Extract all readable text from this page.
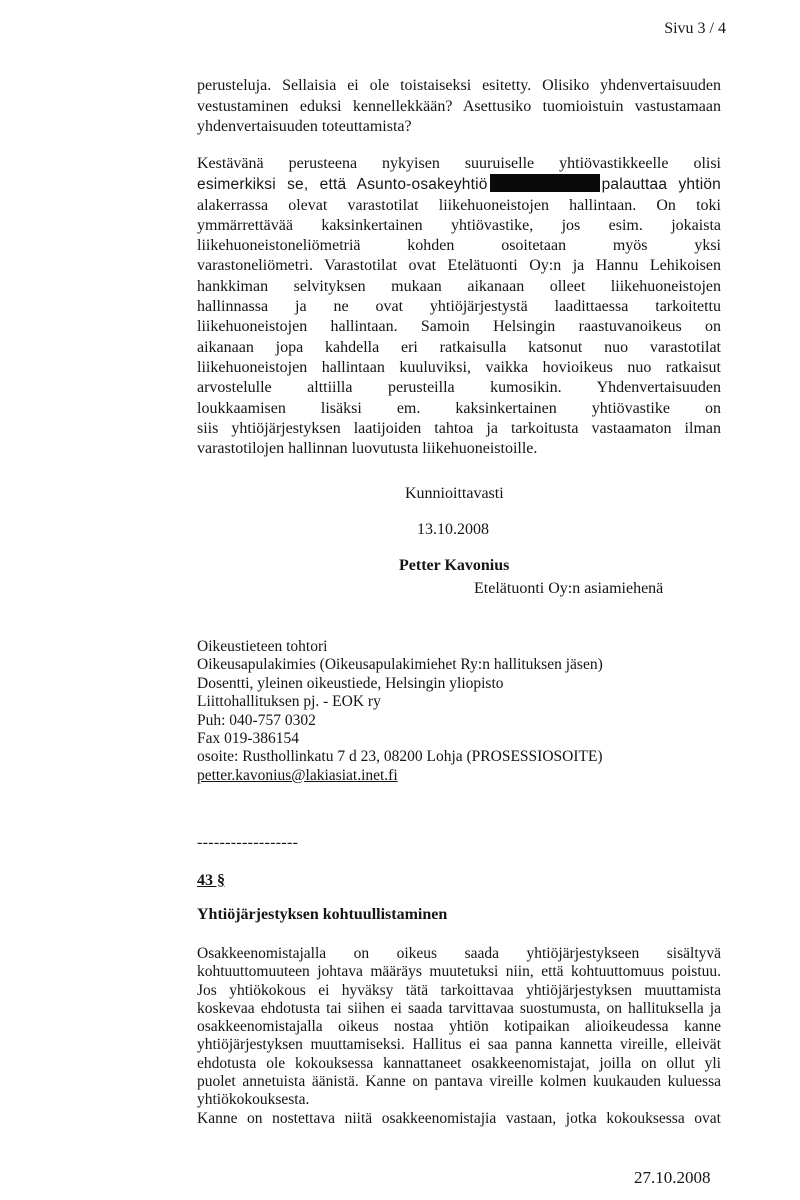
Sivu 3 / 4

perusteluja. Sellaisia ei ole toistaiseksi esitetty. Olisiko yhdenvertaisuuden

vestustaminen eduksi kennellekkään? Asettusiko tuomioistuin vastustamaan

yhdenvertaisuuden toteuttamista?

Kestävänä perusteena nykyisen suuruiselle yhtiövastikkeelle olisi

esimerkiksi se, että Asunto-osakeyhtiö	palauttaa yhtiön

alakerrassa olevat varastotilat liikehuoneistojen hallintaan. On toki

ymmärrettävää kaksinkertainen yhtiövastike, jos esim. jokaista

liikehuoneistoneliömetriä kohden osoitetaan myös yksi

varastoneliömetri. Varastotilat ovat Etelätuonti Oy:n ja Hannu Lehikoisen

hankkiman selvityksen mukaan aikanaan olleet liikehuoneistojen

hallinnassa ja ne ovat yhtiöjärjestystä laadittaessa tarkoitettu

liikehuoneistojen hallintaan. Samoin Helsingin raastuvanoikeus on

aikanaan jopa kahdella eri ratkaisulla katsonut nuo varastotilat

liikehuoneistojen hallintaan kuuluviksi, vaikka hovioikeus nuo ratkaisut

arvostelulle alttiilla perusteilla kumosikin. Yhdenvertaisuuden

loukkaamisen lisäksi em. kaksinkertainen yhtiövastike on

siis yhtiöjärjestyksen laatijoiden tahtoa ja tarkoitusta vastaamaton ilman

varastotilojen hallinnan luovutusta liikehuoneistoille.

Kunnioittavasti
13.10.2008
Petter Kavonius
Etelätuonti Oy:n asiamiehenä

Oikeustieteen tohtori

Oikeusapulakimies (Oikeusapulakimiehet Ry:n hallituksen jäsen)

Dosentti, yleinen oikeustiede, Helsingin yliopisto

Liittohallituksen pj. - EOK ry

Puh: 040-757 0302

Fax 019-386154

osoite: Rusthollinkatu 7 d 23, 08200 Lohja (PROSESSIOSOITE)

petter.kavonius@lakiasiat.inet.fi

------------------
43 §
Yhtiöjärjestyksen kohtuullistaminen

Osakkeenomistajalla on oikeus saada yhtiöjärjestykseen sisältyvä

kohtuuttomuuteen johtava määräys muutetuksi niin, että kohtuuttomuus poistuu.

Jos yhtiökokous ei hyväksy tätä tarkoittavaa yhtiöjärjestyksen muuttamista

koskevaa ehdotusta tai siihen ei saada tarvittavaa suostumusta, on hallituksella ja

osakkeenomistajalla oikeus nostaa yhtiön kotipaikan alioikeudessa kanne

yhtiöjärjestyksen muuttamiseksi. Hallitus ei saa panna kannetta vireille, elleivät

ehdotusta ole kokouksessa kannattaneet osakkeenomistajat, joilla on ollut yli

puolet annetuista äänistä. Kanne on pantava vireille kolmen kuukauden kuluessa

yhtiökokouksesta.

Kanne on nostettava niitä osakkeenomistajia vastaan, jotka kokouksessa ovat

27.10.2008
